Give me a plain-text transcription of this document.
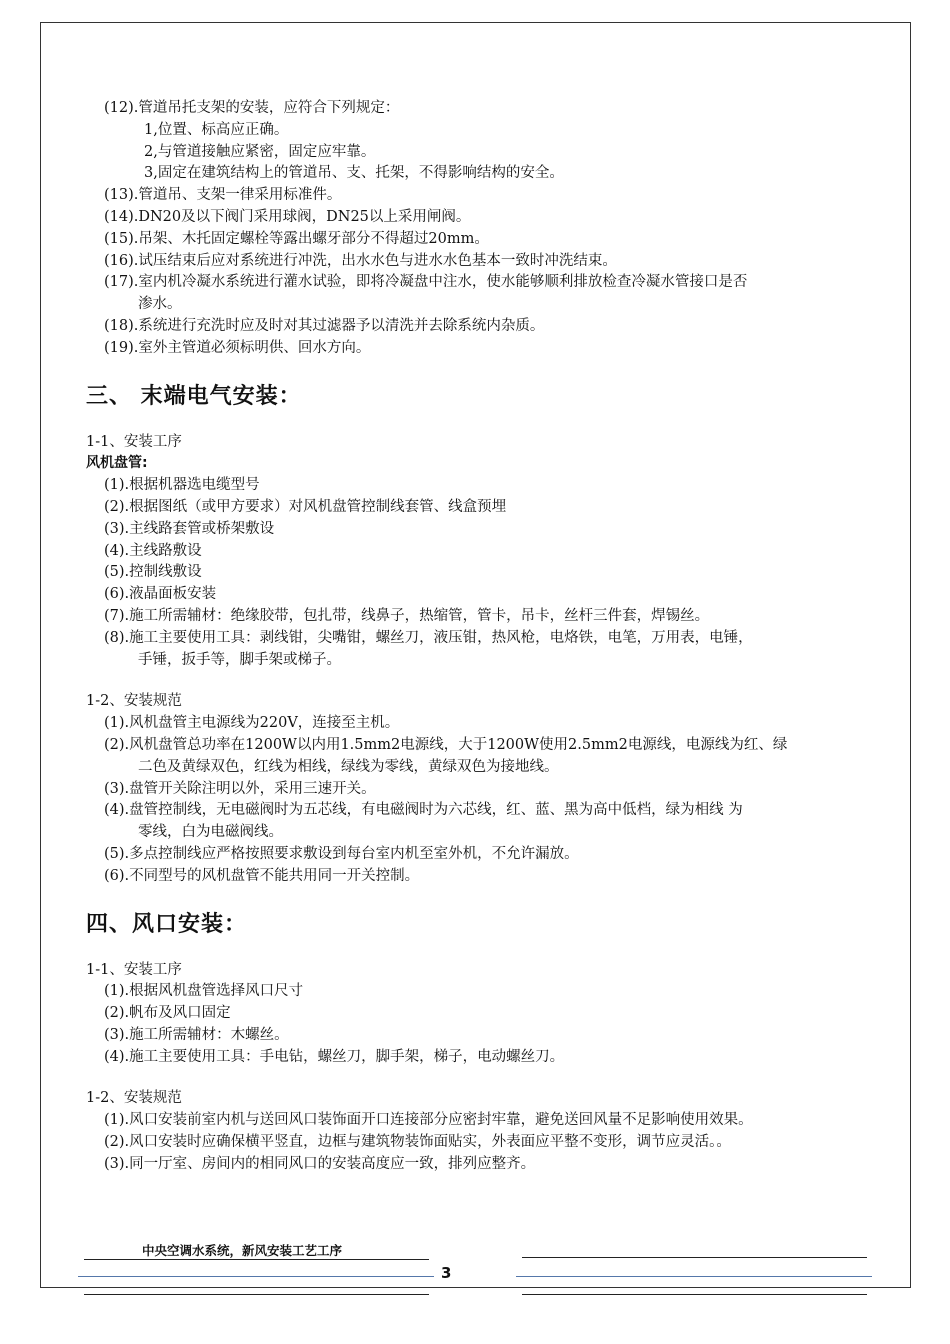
(12).管道吊托支架的安装，应符合下列规定：
1,位置、标高应正确。
2,与管道接触应紧密，固定应牢靠。
3,固定在建筑结构上的管道吊、支、托架，不得影响结构的安全。
(13).管道吊、支架一律采用标准件。
(14).DN20及以下阀门采用球阀，DN25以上采用闸阀。
(15).吊架、木托固定螺栓等露出螺牙部分不得超过20mm。
(16).试压结束后应对系统进行冲洗，出水水色与进水水色基本一致时冲洗结束。
(17).室内机冷凝水系统进行灌水试验，即将冷凝盘中注水，使水能够顺利排放检查冷凝水管接口是否
渗水。
(18).系统进行充洗时应及时对其过滤器予以清洗并去除系统内杂质。
(19).室外主管道必须标明供、回水方向。
三、 末端电气安装：
1-1、安装工序
风机盘管:
(1).根据机器选电缆型号
(2).根据图纸（或甲方要求）对风机盘管控制线套管、线盒预埋
(3).主线路套管或桥架敷设
(4).主线路敷设
(5).控制线敷设
(6).液晶面板安装
(7).施工所需辅材：绝缘胶带，包扎带，线鼻子，热缩管，管卡，吊卡，丝杆三件套，焊锡丝。
(8).施工主要使用工具：剥线钳，尖嘴钳，螺丝刀，液压钳，热风枪，电烙铁，电笔，万用表，电锤，
手锤，扳手等，脚手架或梯子。
1-2、安装规范
(1).风机盘管主电源线为220V，连接至主机。
(2).风机盘管总功率在1200W以内用1.5mm2电源线，大于1200W使用2.5mm2电源线，电源线为红、绿
二色及黄绿双色，红线为相线，绿线为零线，黄绿双色为接地线。
(3).盘管开关除注明以外，采用三速开关。
(4).盘管控制线，无电磁阀时为五芯线，有电磁阀时为六芯线，红、蓝、黑为高中低档，绿为相线 为
零线，白为电磁阀线。
(5).多点控制线应严格按照要求敷设到每台室内机至室外机，不允许漏放。
(6).不同型号的风机盘管不能共用同一开关控制。
四、风口安装：
1-1、安装工序
(1).根据风机盘管选择风口尺寸
(2).帆布及风口固定
(3).施工所需辅材：木螺丝。
(4).施工主要使用工具：手电钻，螺丝刀，脚手架，梯子，电动螺丝刀。
1-2、安装规范
(1).风口安装前室内机与送回风口装饰面开口连接部分应密封牢靠，避免送回风量不足影响使用效果。
(2).风口安装时应确保横平竖直，边框与建筑物装饰面贴实，外表面应平整不变形，调节应灵活。。
(3).同一厅室、房间内的相同风口的安装高度应一致，排列应整齐。
中央空调水系统，新风安装工艺工序
3
